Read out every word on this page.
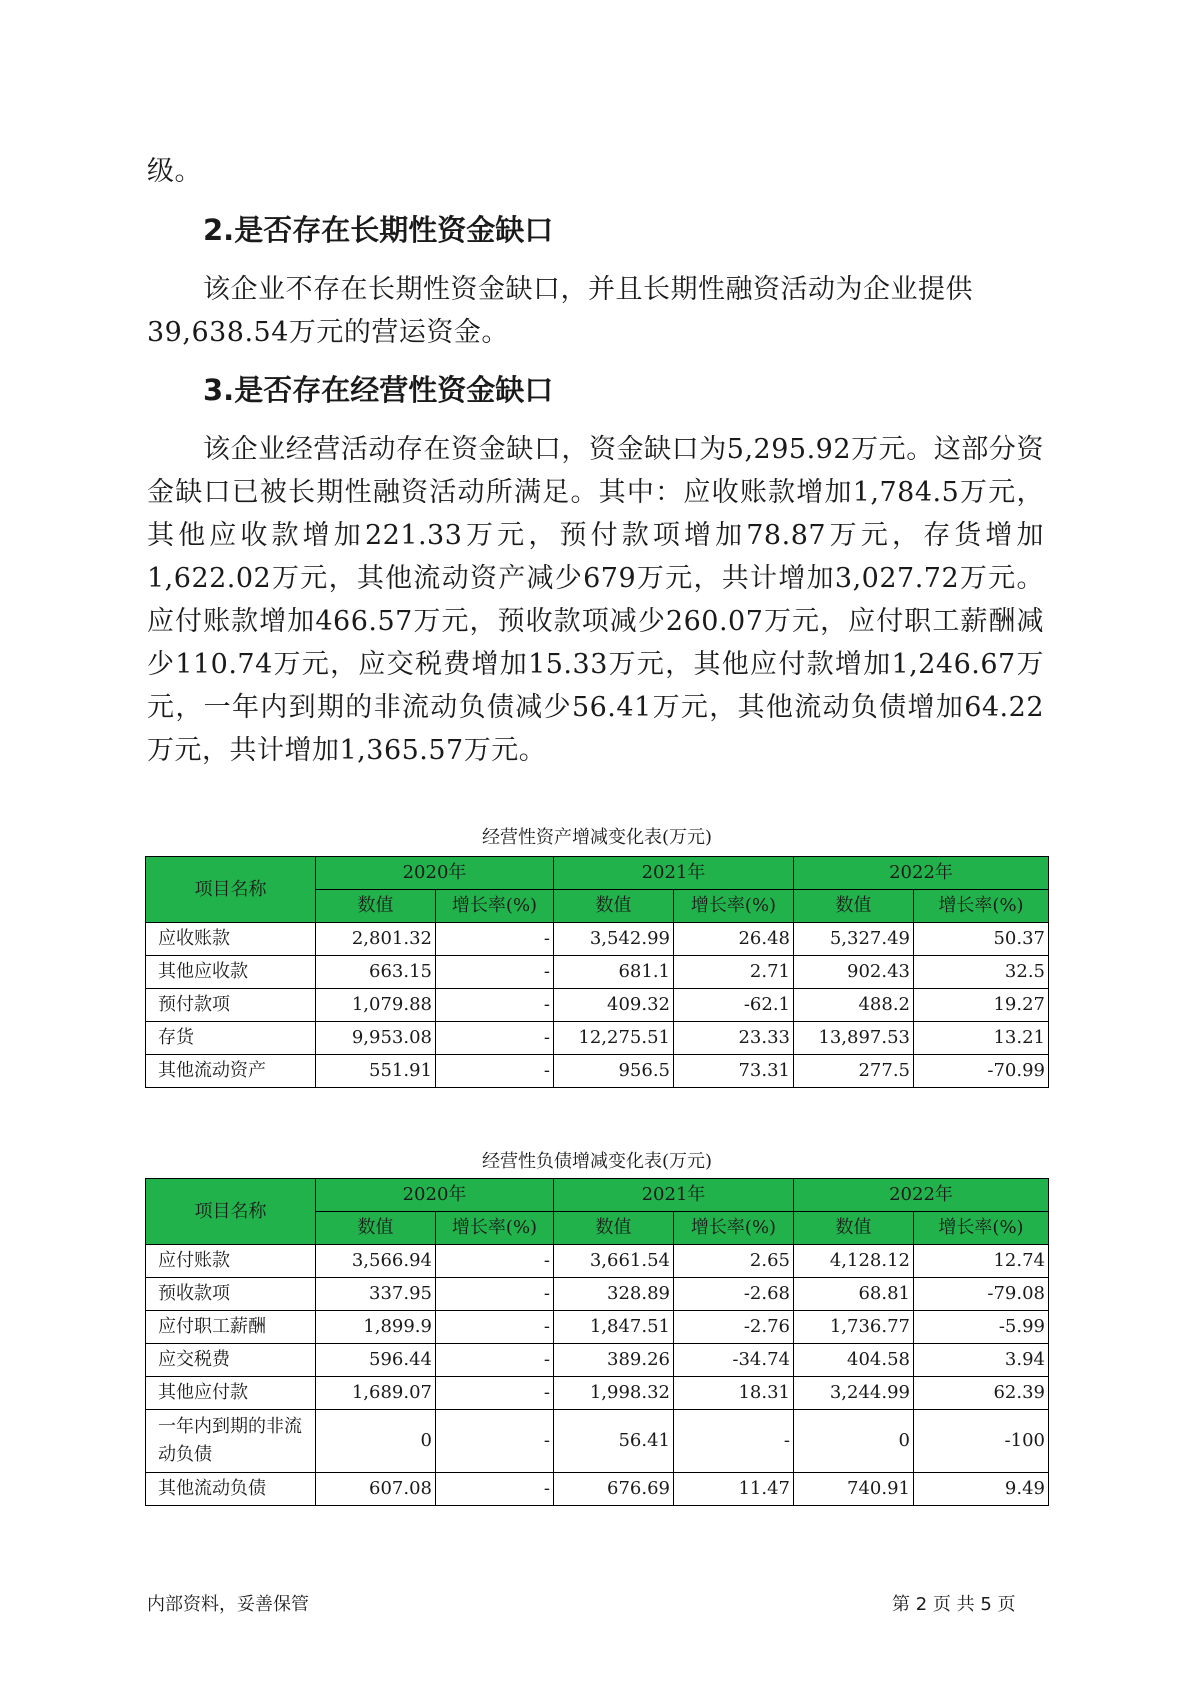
级。
2.是否存在长期性资金缺口
该企业不存在长期性资金缺口，并且长期性融资活动为企业提供39,638.54万元的营运资金。
3.是否存在经营性资金缺口
该企业经营活动存在资金缺口，资金缺口为5,295.92万元。这部分资金缺口已被长期性融资活动所满足。其中：应收账款增加1,784.5万元，其他应收款增加221.33万元，预付款项增加78.87万元，存货增加1,622.02万元，其他流动资产减少679万元，共计增加3,027.72万元。应付账款增加466.57万元，预收款项减少260.07万元，应付职工薪酬减少110.74万元，应交税费增加15.33万元，其他应付款增加1,246.67万元，一年内到期的非流动负债减少56.41万元，其他流动负债增加64.22万元，共计增加1,365.57万元。
经营性资产增减变化表(万元)
项目名称	2020年		2021年		2022年	
	数值	增长率(%)	数值	增长率(%)	数值	增长率(%)
应收账款	2,801.32	-	3,542.99	26.48	5,327.49	50.37
其他应收款	663.15	-	681.1	2.71	902.43	32.5
预付款项	1,079.88	-	409.32	-62.1	488.2	19.27
存货	9,953.08	-	12,275.51	23.33	13,897.53	13.21
其他流动资产	551.91	-	956.5	73.31	277.5	-70.99
经营性负债增减变化表(万元)
项目名称	2020年		2021年		2022年	
	数值	增长率(%)	数值	增长率(%)	数值	增长率(%)
应付账款	3,566.94	-	3,661.54	2.65	4,128.12	12.74
预收款项	337.95	-	328.89	-2.68	68.81	-79.08
应付职工薪酬	1,899.9	-	1,847.51	-2.76	1,736.77	-5.99
应交税费	596.44	-	389.26	-34.74	404.58	3.94
其他应付款	1,689.07	-	1,998.32	18.31	3,244.99	62.39
一年内到期的非流动负债	0	-	56.41	-	0	-100
其他流动负债	607.08	-	676.69	11.47	740.91	9.49
内部资料，妥善保管	第 2 页 共 5 页
